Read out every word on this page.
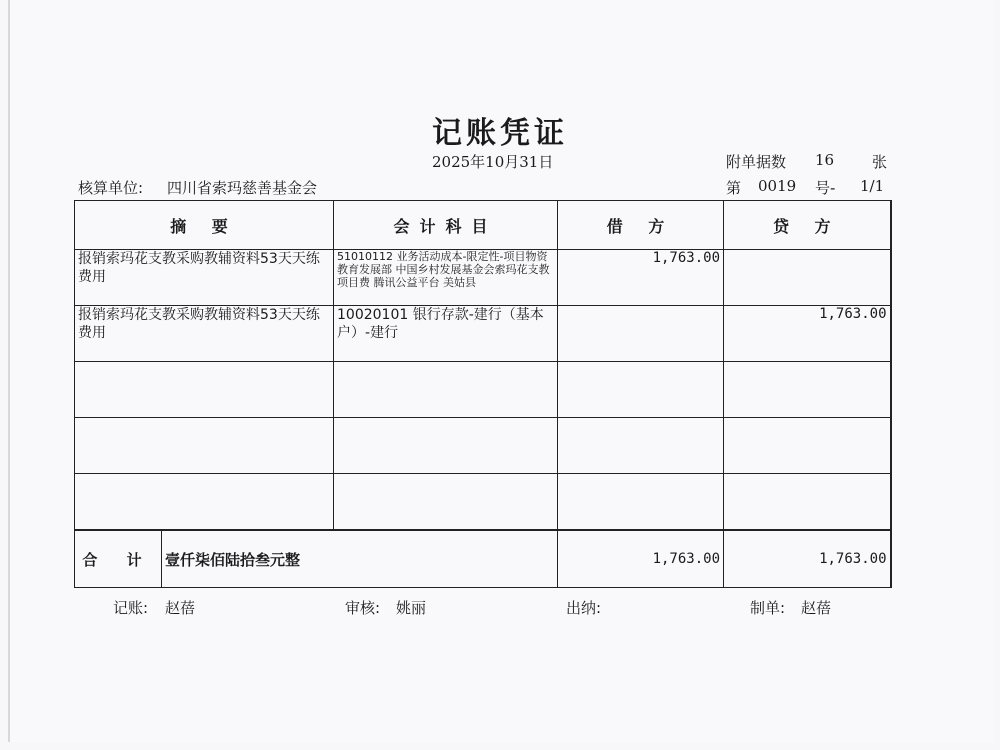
记账凭证
2025年10月31日	附单据数 16	张
核算单位: 四川省索玛慈善基金会	第 0019 号- 1/1
摘 要		会计科目	借 方	贷 方
报销索玛花支教采购教辅资料53天天练费用		51010112 业务活动成本-限定性-项目物资 教育发展部 中国乡村发展基金会索玛花支教 项目费 腾讯公益平台 美姑县	1,763.00	
报销索玛花支教采购教辅资料53天天练费用		10020101 银行存款-建行（基本户）-建行		1,763.00

合 计	壹仟柒佰陆拾叁元整		1,763.00	1,763.00
记账: 赵蓓	审核: 姚丽	出纳:	制单: 赵蓓
